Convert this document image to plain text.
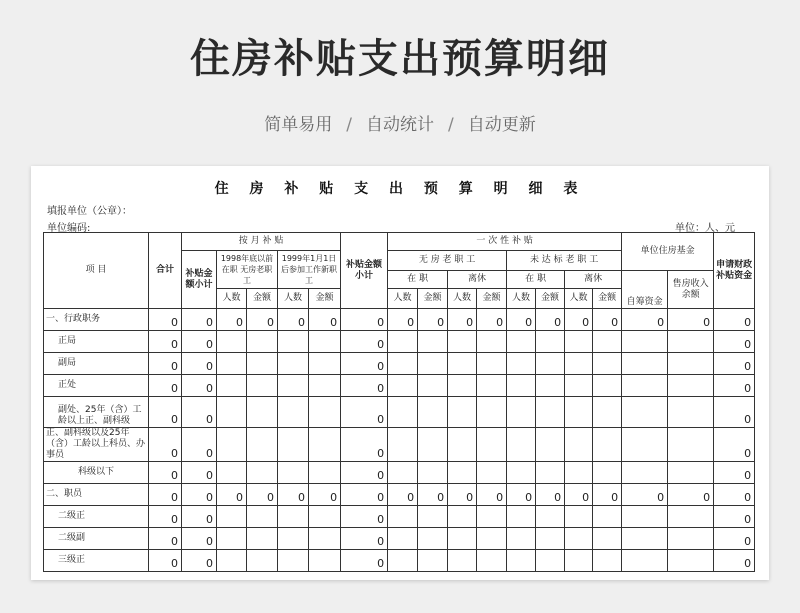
住房补贴支出预算明细
简单易用 / 自动统计 / 自动更新
住 房 补 贴 支 出 预 算 明 细 表
填报单位（公章）：
单位编码:	单位：人、元
项 目	合计	按 月 补 贴					补贴金额小计	一 次 性 补 贴								单位住房基金		申请财政补贴资金
		补贴金额小计	1998年底以前在职 无房老职工		1999年1月1日后参加工作新职工			无 房 老 职 工				未 达 标 老 职 工						
								在 职		离休		在 职		离休		自筹资金	售房收入余额	
			人数	金额	人数	金额		人数	金额	人数	金额	人数	金额	人数	金额			
一、行政职务	0	0	0	0	0	0	0	0	0	0	0	0	0	0	0	0	0	0
正局	0	0					0											0
副局	0	0					0											0
正处	0	0					0											0
副处、25年（含）工龄以上正、副科级	0	0					0											0
正、副科级以及25年（含）工龄以上科员、办事员	0	0					0											0
科级以下	0	0					0											0
二、职员	0	0	0	0	0	0	0	0	0	0	0	0	0	0	0	0	0	0
二级正	0	0					0											0
二级副	0	0					0											0
三级正	0	0					0											0
